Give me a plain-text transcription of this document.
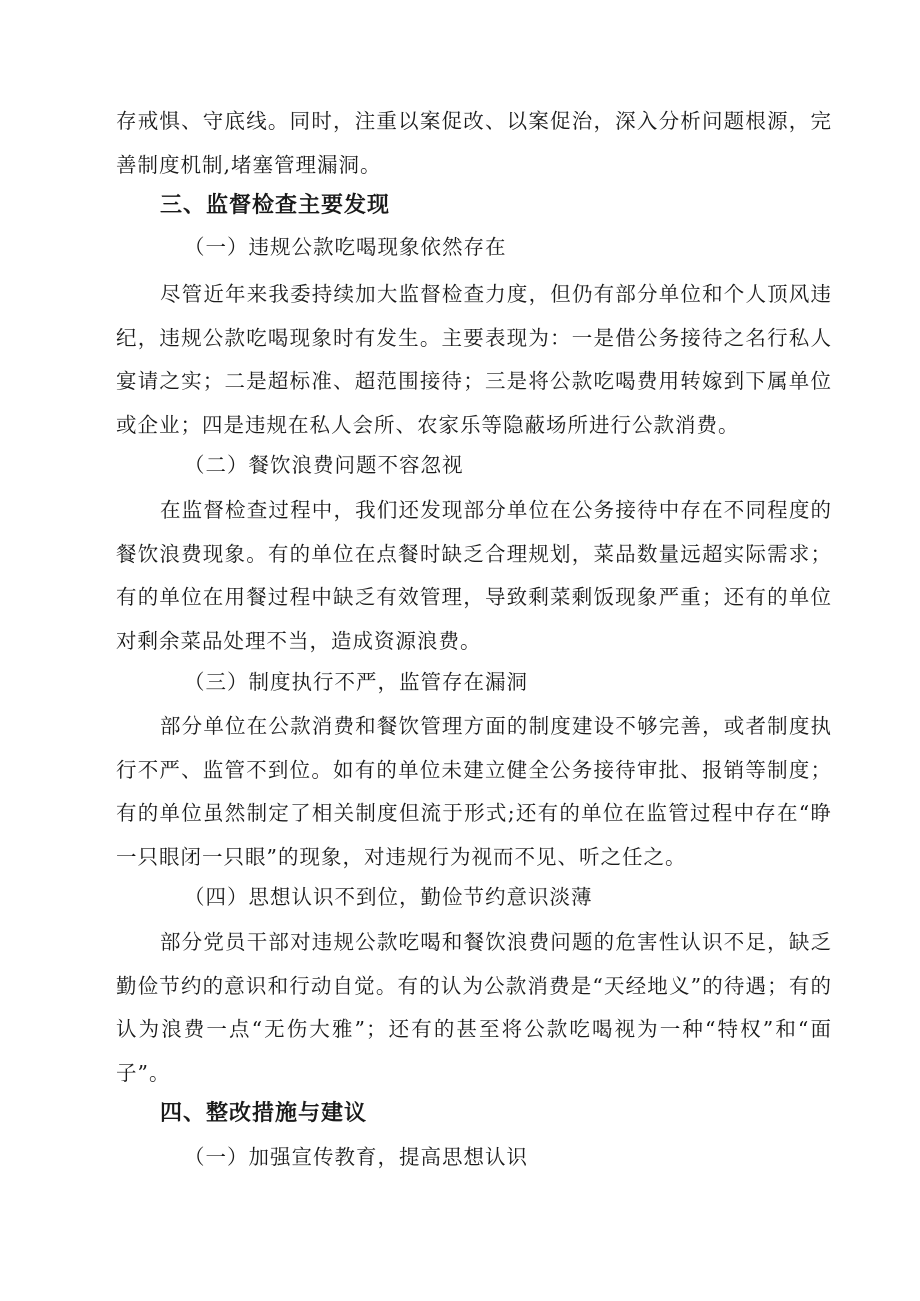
存戒惧、守底线。同时，注重以案促改、以案促治，深入分析问题根源，完善制度机制,堵塞管理漏洞。

三、监督检查主要发现

（一）违规公款吃喝现象依然存在

尽管近年来我委持续加大监督检查力度，但仍有部分单位和个人顶风违纪，违规公款吃喝现象时有发生。主要表现为：一是借公务接待之名行私人宴请之实；二是超标准、超范围接待；三是将公款吃喝费用转嫁到下属单位或企业；四是违规在私人会所、农家乐等隐蔽场所进行公款消费。

（二）餐饮浪费问题不容忽视

在监督检查过程中，我们还发现部分单位在公务接待中存在不同程度的餐饮浪费现象。有的单位在点餐时缺乏合理规划，菜品数量远超实际需求；有的单位在用餐过程中缺乏有效管理，导致剩菜剩饭现象严重；还有的单位对剩余菜品处理不当，造成资源浪费。

（三）制度执行不严，监管存在漏洞

部分单位在公款消费和餐饮管理方面的制度建设不够完善，或者制度执行不严、监管不到位。如有的单位未建立健全公务接待审批、报销等制度；有的单位虽然制定了相关制度但流于形式;还有的单位在监管过程中存在“睁一只眼闭一只眼”的现象，对违规行为视而不见、听之任之。

（四）思想认识不到位，勤俭节约意识淡薄

部分党员干部对违规公款吃喝和餐饮浪费问题的危害性认识不足，缺乏勤俭节约的意识和行动自觉。有的认为公款消费是“天经地义”的待遇；有的认为浪费一点“无伤大雅”；还有的甚至将公款吃喝视为一种“特权”和“面子”。

四、整改措施与建议

（一）加强宣传教育，提高思想认识
